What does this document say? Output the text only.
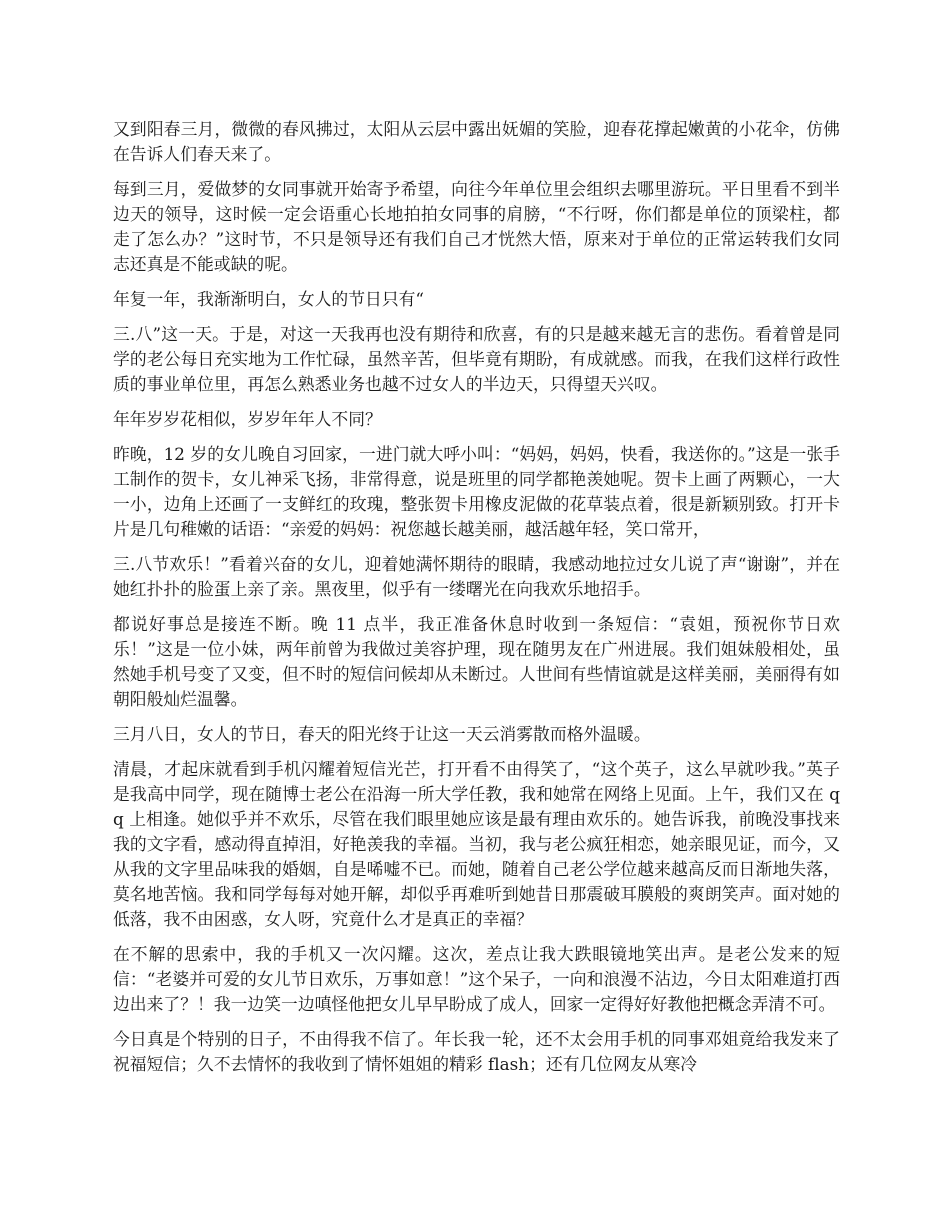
又到阳春三月，微微的春风拂过，太阳从云层中露出妩媚的笑脸，迎春花撑起嫩黄的小花伞，仿佛在告诉人们春天来了。

每到三月，爱做梦的女同事就开始寄予希望，向往今年单位里会组织去哪里游玩。平日里看不到半边天的领导，这时候一定会语重心长地拍拍女同事的肩膀，“不行呀，你们都是单位的顶梁柱，都走了怎么办？”这时节，不只是领导还有我们自己才恍然大悟，原来对于单位的正常运转我们女同志还真是不能或缺的呢。

年复一年，我渐渐明白，女人的节日只有“

三.八”这一天。于是，对这一天我再也没有期待和欣喜，有的只是越来越无言的悲伤。看着曾是同学的老公每日充实地为工作忙碌，虽然辛苦，但毕竟有期盼，有成就感。而我，在我们这样行政性质的事业单位里，再怎么熟悉业务也越不过女人的半边天，只得望天兴叹。

年年岁岁花相似，岁岁年年人不同？

昨晚，12 岁的女儿晚自习回家，一进门就大呼小叫：“妈妈，妈妈，快看，我送你的。”这是一张手工制作的贺卡，女儿神采飞扬，非常得意，说是班里的同学都艳羡她呢。贺卡上画了两颗心，一大一小，边角上还画了一支鲜红的玫瑰，整张贺卡用橡皮泥做的花草装点着，很是新颖别致。打开卡片是几句稚嫩的话语：“亲爱的妈妈：祝您越长越美丽，越活越年轻，笑口常开，

三.八节欢乐！”看着兴奋的女儿，迎着她满怀期待的眼睛，我感动地拉过女儿说了声“谢谢”，并在她红扑扑的脸蛋上亲了亲。黑夜里，似乎有一缕曙光在向我欢乐地招手。

都说好事总是接连不断。晚 11 点半，我正准备休息时收到一条短信：“袁姐，预祝你节日欢乐！”这是一位小妹，两年前曾为我做过美容护理，现在随男友在广州进展。我们姐妹般相处，虽然她手机号变了又变，但不时的短信问候却从未断过。人世间有些情谊就是这样美丽，美丽得有如朝阳般灿烂温馨。

三月八日，女人的节日，春天的阳光终于让这一天云消雾散而格外温暖。

清晨，才起床就看到手机闪耀着短信光芒，打开看不由得笑了，“这个英子，这么早就吵我。”英子是我高中同学，现在随博士老公在沿海一所大学任教，我和她常在网络上见面。上午，我们又在 qq 上相逢。她似乎并不欢乐，尽管在我们眼里她应该是最有理由欢乐的。她告诉我，前晚没事找来我的文字看，感动得直掉泪，好艳羡我的幸福。当初，我与老公疯狂相恋，她亲眼见证，而今，又从我的文字里品味我的婚姻，自是唏嘘不已。而她，随着自己老公学位越来越高反而日渐地失落，莫名地苦恼。我和同学每每对她开解，却似乎再难听到她昔日那震破耳膜般的爽朗笑声。面对她的低落，我不由困惑，女人呀，究竟什么才是真正的幸福？

在不解的思索中，我的手机又一次闪耀。这次，差点让我大跌眼镜地笑出声。是老公发来的短信：“老婆并可爱的女儿节日欢乐，万事如意！”这个呆子，一向和浪漫不沾边，今日太阳难道打西边出来了？！我一边笑一边嗔怪他把女儿早早盼成了成人，回家一定得好好教他把概念弄清不可。

今日真是个特别的日子，不由得我不信了。年长我一轮，还不太会用手机的同事邓姐竟给我发来了祝福短信；久不去情怀的我收到了情怀姐姐的精彩 flash；还有几位网友从寒冷
